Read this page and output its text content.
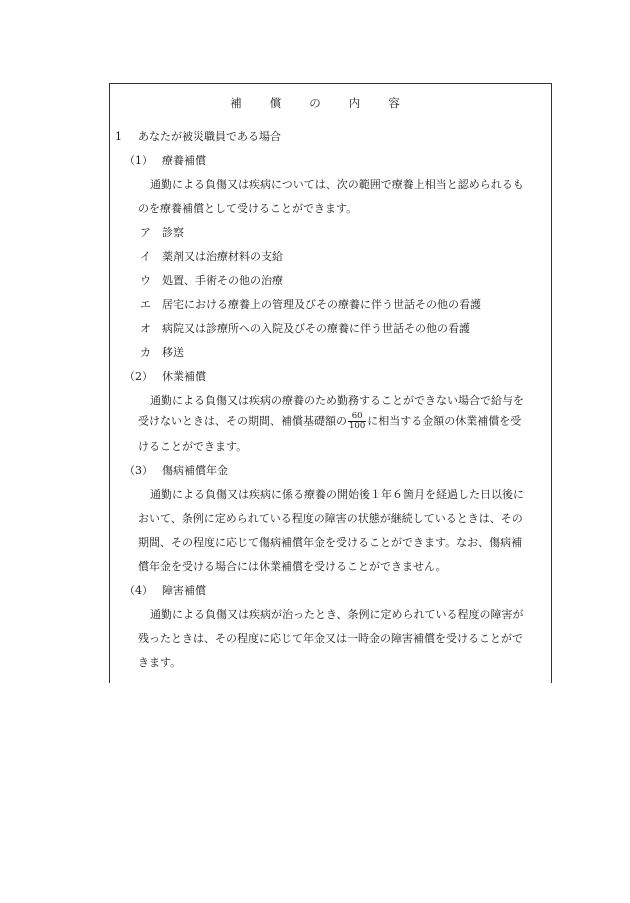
補 償 の 内 容
1 あなたが被災職員である場合
（1） 療養補償
通勤による負傷又は疾病については、次の範囲で療養上相当と認められるも
のを療養補償として受けることができます。
ア 診察
イ 薬剤又は治療材料の支給
ウ 処置、手術その他の治療
エ 居宅における療養上の管理及びその療養に伴う世話その他の看護
オ 病院又は診療所への入院及びその療養に伴う世話その他の看護
カ 移送
（2） 休業補償
通勤による負傷又は疾病の療養のため勤務することができない場合で給与を
受けないときは、その期間、補償基礎額の $\frac{60}{100}$ に相当する金額の休業補償を受
けることができます。
（3） 傷病補償年金
通勤による負傷又は疾病に係る療養の開始後１年６箇月を経過した日以後に
おいて、条例に定められている程度の障害の状態が継続しているときは、その
期間、その程度に応じて傷病補償年金を受けることができます。なお、傷病補
償年金を受ける場合には休業補償を受けることができません。
（4） 障害補償
通勤による負傷又は疾病が治ったとき、条例に定められている程度の障害が
残ったときは、その程度に応じて年金又は一時金の障害補償を受けることがで
きます。
